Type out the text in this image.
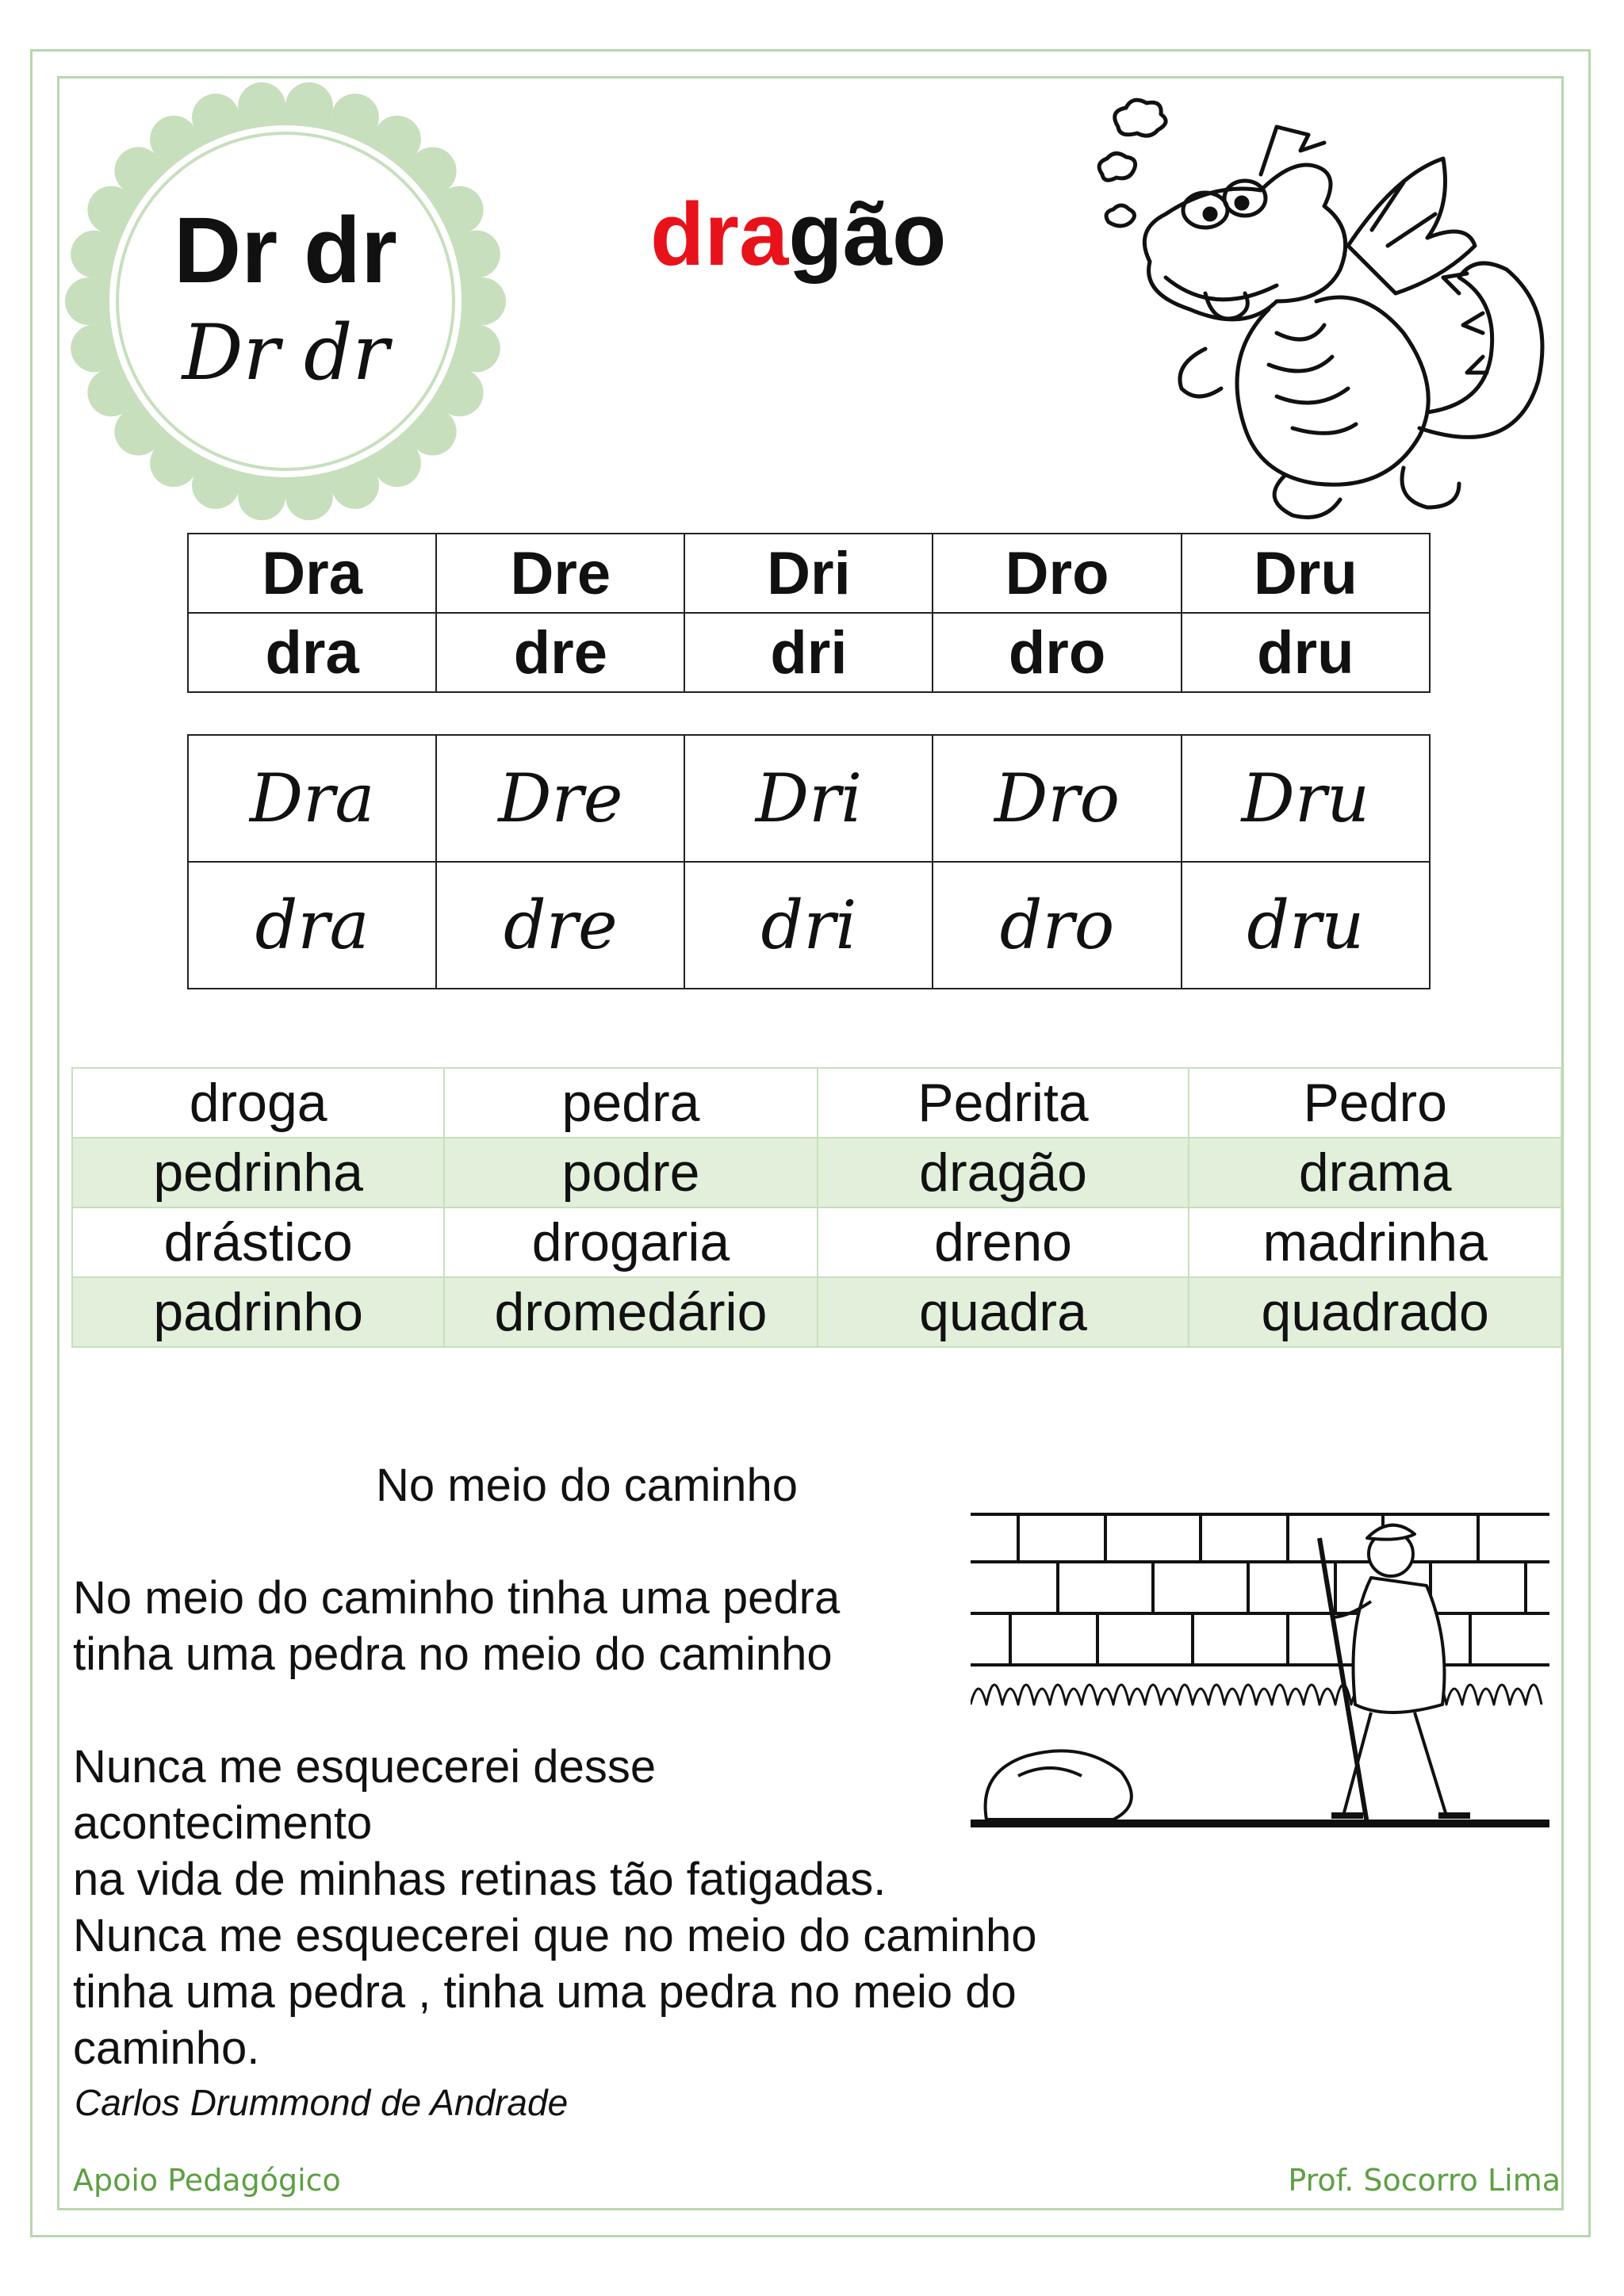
Dr dr
Dr dr
dragão
Dra	Dre	Dri	Dro	Dru
dra	dre	dri	dro	dru
Dra	Dre	Dri	Dro	Dru
dra	dre	dri	dro	dru
droga	pedra	Pedrita	Pedro
pedrinha	podre	dragão	drama
drástico	drogaria	dreno	madrinha
padrinho	dromedário	quadra	quadrado
No meio do caminho
No meio do caminho tinha uma pedra
tinha uma pedra no meio do caminho
Nunca me esquecerei desse
acontecimento
na vida de minhas retinas tão fatigadas.
Nunca me esquecerei que no meio do caminho
tinha uma pedra , tinha uma pedra no meio do
caminho.
Carlos Drummond de Andrade
Apoio Pedagógico	Prof. Socorro Lima
